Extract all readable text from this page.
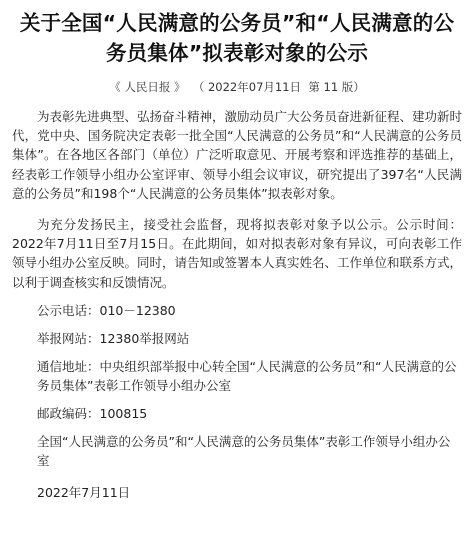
关于全国“人民满意的公务员”和“人民满意的公务员集体”拟表彰对象的公示
《 人民日报 》 （ 2022年07月11日 第 11 版）

为表彰先进典型、弘扬奋斗精神，激励动员广大公务员奋进新征程、建功新时代，党中央、国务院决定表彰一批全国“人民满意的公务员”和“人民满意的公务员集体”。在各地区各部门（单位）广泛听取意见、开展考察和评选推荐的基础上，经表彰工作领导小组办公室评审、领导小组会议审议，研究提出了397名“人民满意的公务员”和198个“人民满意的公务员集体”拟表彰对象。

为充分发扬民主，接受社会监督，现将拟表彰对象予以公示。公示时间：2022年7月11日至7月15日。在此期间，如对拟表彰对象有异议，可向表彰工作领导小组办公室反映。同时，请告知或签署本人真实姓名、工作单位和联系方式，以利于调查核实和反馈情况。

公示电话：010－12380

举报网站：12380举报网站

通信地址：中央组织部举报中心转全国“人民满意的公务员”和“人民满意的公务员集体”表彰工作领导小组办公室

邮政编码：100815

全国“人民满意的公务员”和“人民满意的公务员集体”表彰工作领导小组办公室

2022年7月11日
